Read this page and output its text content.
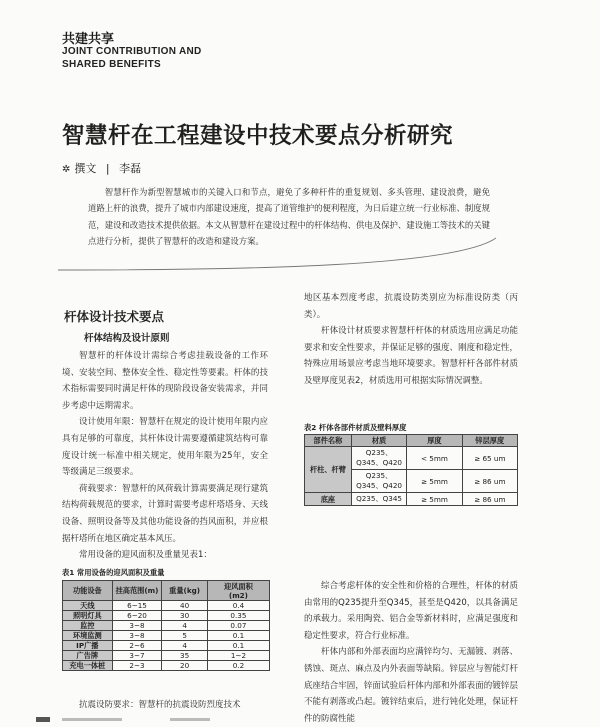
共建共享
JOINT CONTRIBUTION AND
SHARED BENEFITS
智慧杆在工程建设中技术要点分析研究
✲ 撰文 | 李磊

智慧杆作为新型智慧城市的关键入口和节点，避免了多种杆件的重复规划、多头管理、建设浪费，避免道路上杆的浪费，提升了城市内部建设速度，提高了道管维护的便利程度，为日后建立统一行业标准、制度规范，建设和改造技术提供依据。本文从智慧杆在建设过程中的杆体结构、供电及保护、建设施工等技术的关键点进行分析，提供了智慧杆的改造和建设方案。

杆体设计技术要点
杆体结构及设计原则

智慧杆的杆体设计需综合考虑挂载设备的工作环境、安装空间、整体安全性、稳定性等要素。杆体的技术指标需要同时满足杆体的现阶段设备安装需求，并同步考虑中远期需求。

设计使用年限：智慧杆在规定的设计使用年限内应具有足够的可靠度，其杆体设计需要遵循建筑结构可靠度设计统一标准中相关规定，使用年限为25年，安全等级满足三级要求。

荷载要求：智慧杆的风荷载计算需要满足现行建筑结构荷载规范的要求，计算时需要考虑杆塔塔身、天线设备、照明设备等及其他功能设备的挡风面积，并应根据杆塔所在地区确定基本风压。

常用设备的迎风面积及重量见表1：

表1 常用设备的迎风面积及重量
功能设备	挂高范围(m)	重量(kg)	迎风面积
(m2)
天线	6~15	40	0.4
照明灯具	6~20	30	0.35
监控	3~8	4	0.07
环境监测	3~8	5	0.1
IP广播	2~6	4	0.1
广告牌	3~7	35	1~2
充电一体桩	2~3	20	0.2

抗震设防要求：智慧杆的抗震设防烈度技术

地区基本烈度考虑，抗震设防类别应为标准设防类（丙类）。

杆体设计材质要求智慧杆杆体的材质选用应满足功能要求和安全性要求，并保证足够的强度、刚度和稳定性，特殊应用场景应考虑当地环境要求。智慧杆杆各部件材质及壁厚度见表2，材质选用可根据实际情况调整。

表2 杆体各部件材质及壁料厚度
部件名称	材质	厚度	锌层厚度
杆柱、杆臂	Q235、Q345、Q420	< 5mm	≥ 65 um
	Q235、Q345、Q420	≥ 5mm	≥ 86 um
底座	Q235、Q345	≥ 5mm	≥ 86 um

综合考虑杆体的安全性和价格的合理性，杆体的材质由常用的Q235提升至Q345，甚至是Q420，以具备满足的承载力。采用陶瓷、铝合金等新材料时，应满足强度和稳定性要求，符合行业标准。

杆体内部和外部表面均应满锌均匀、无漏镀、剥落、锈蚀、斑点、麻点及内外表面等缺陷。锌层应与智能灯杆底座结合牢固，锌面试验后杆体内部和外部表面的镀锌层不能有剥落或凸起。镀锌结束后，进行钝化处理，保证杆件的防腐性能
